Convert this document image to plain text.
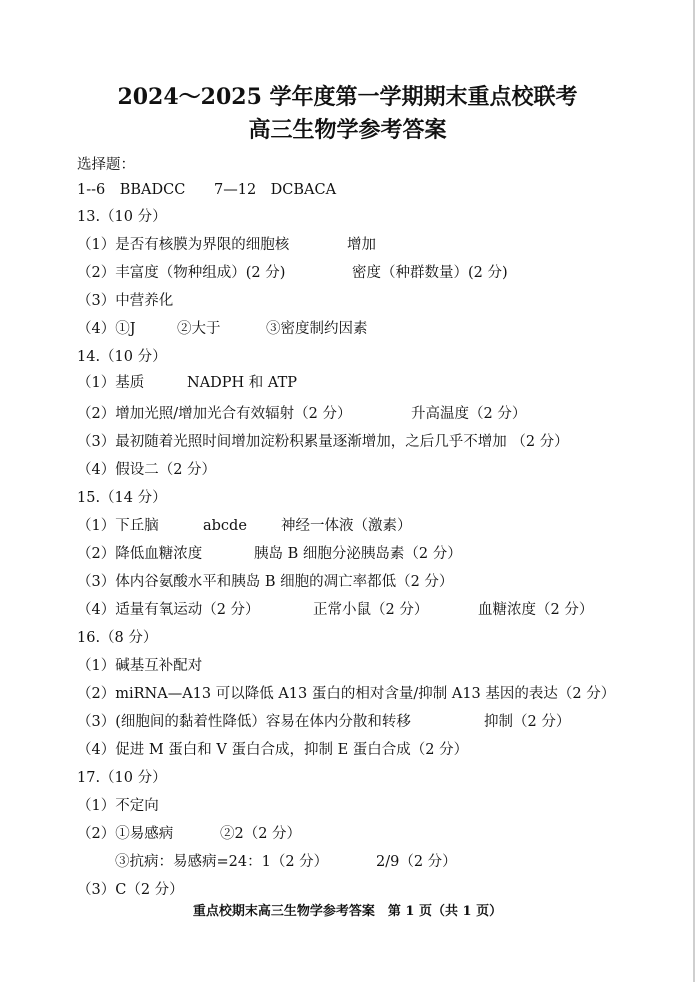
2024～2025 学年度第一学期期末重点校联考
高三生物学参考答案
选择题：
1--6　BBADCC 7—12　DCBACA
13.（10 分）
（1）是否有核膜为界限的细胞核	增加
（2）丰富度（物种组成）(2 分)	密度（种群数量）(2 分)
（3）中营养化
（4）①J	②大于	③密度制约因素
14.（10 分）
（1）基质	NADPH 和 ATP
（2）增加光照/增加光合有效辐射（2 分）	升高温度（2 分）
（3）最初随着光照时间增加淀粉积累量逐渐增加，之后几乎不增加 （2 分）
（4）假设二（2 分）
15.（14 分）
（1）下丘脑	abcde 神经一体液（激素）
（2）降低血糖浓度	胰岛 B 细胞分泌胰岛素（2 分）
（3）体内谷氨酸水平和胰岛 B 细胞的凋亡率都低（2 分）
（4）适量有氧运动（2 分）	正常小鼠（2 分）	血糖浓度（2 分）
16.（8 分）
（1）碱基互补配对
（2）miRNA—A13 可以降低 A13 蛋白的相对含量/抑制 A13 基因的表达（2 分）
（3）(细胞间的黏着性降低）容易在体内分散和转移	抑制（2 分）
（4）促进 M 蛋白和 V 蛋白合成，抑制 E 蛋白合成（2 分）
17.（10 分）
（1）不定向
（2）①易感病	②2（2 分）
③抗病：易感病=24：1（2 分）	2/9（2 分）
（3）C（2 分）
重点校期末高三生物学参考答案　第 1 页（共 1 页）
